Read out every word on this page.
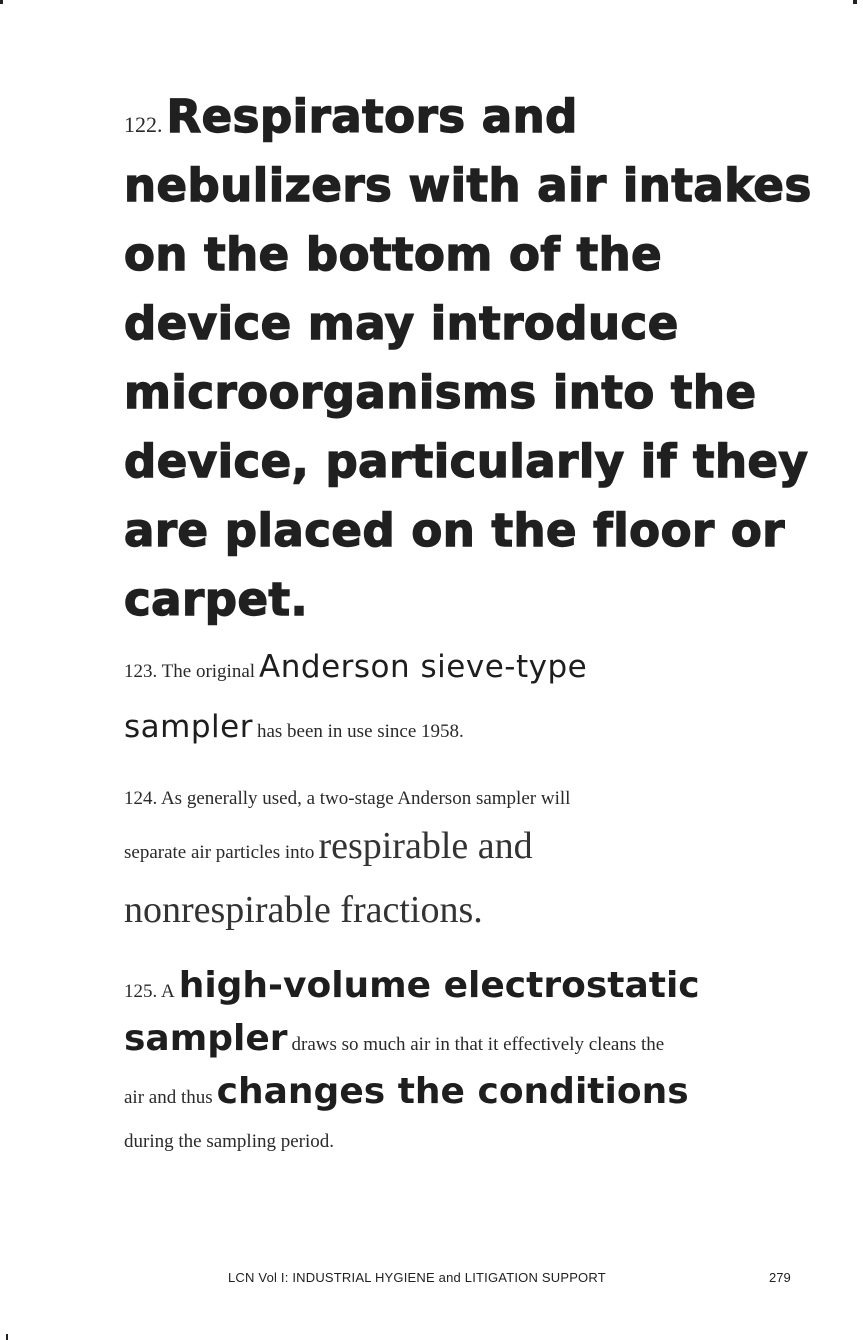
122. Respirators and nebulizers with air intakes on the bottom of the device may introduce microorganisms into the device, particularly if they are placed on the floor or carpet.
123. The original Anderson sieve-type
sampler has been in use since 1958.
124. As generally used, a two-stage Anderson sampler will
separate air particles into respirable and
nonrespirable fractions.
125. A high-volume electrostatic
sampler draws so much air in that it effectively cleans the
air and thus changes the conditions
during the sampling period.
LCN Vol I: INDUSTRIAL HYGIENE and LITIGATION SUPPORT	279
